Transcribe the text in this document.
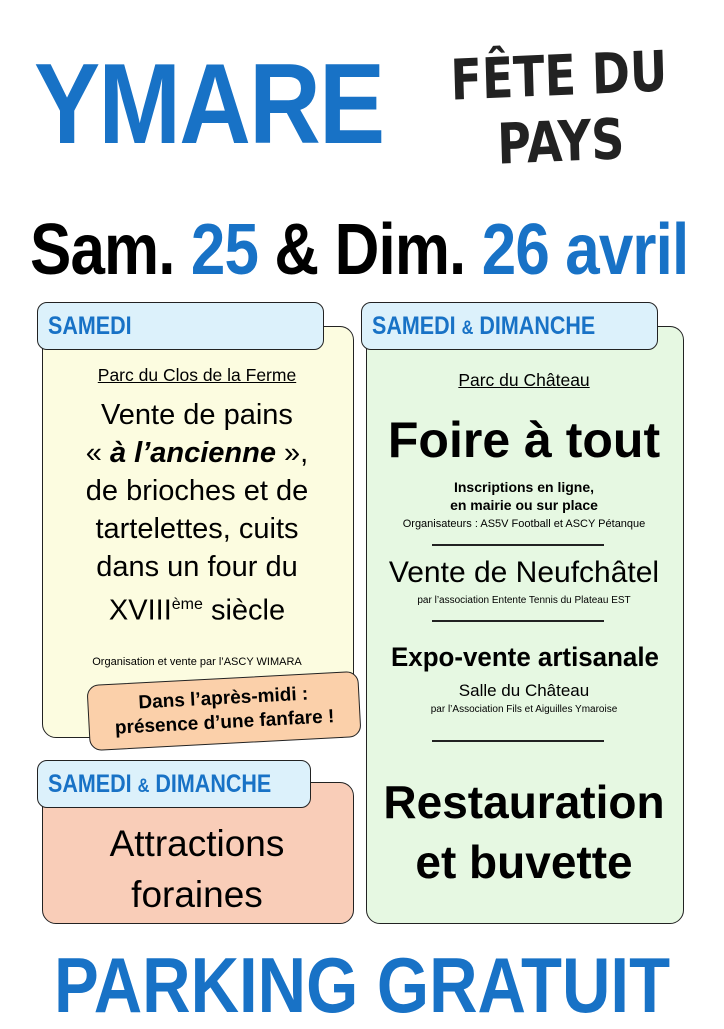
YMARE FÊTE DU
PAYS
Sam. 25 & Dim. 26 avril
SAMEDI
Parc du Clos de la Ferme
Vente de pains
« à l’ancienne »,
de brioches et de
tartelettes, cuits
dans un four du
XVIIIème siècle
Organisation et vente par l’ASCY WIMARA
Dans l’après-midi :
présence d’une fanfare !
SAMEDI & DIMANCHE
Attractions
foraines
SAMEDI & DIMANCHE
Parc du Château
Foire à tout
Inscriptions en ligne,
en mairie ou sur place
Organisateurs : AS5V Football et ASCY Pétanque
Vente de Neufchâtel
par l’association Entente Tennis du Plateau EST
Expo-vente artisanale
Salle du Château
par l’Association Fils et Aiguilles Ymaroise
Restauration
et buvette
PARKING GRATUIT
